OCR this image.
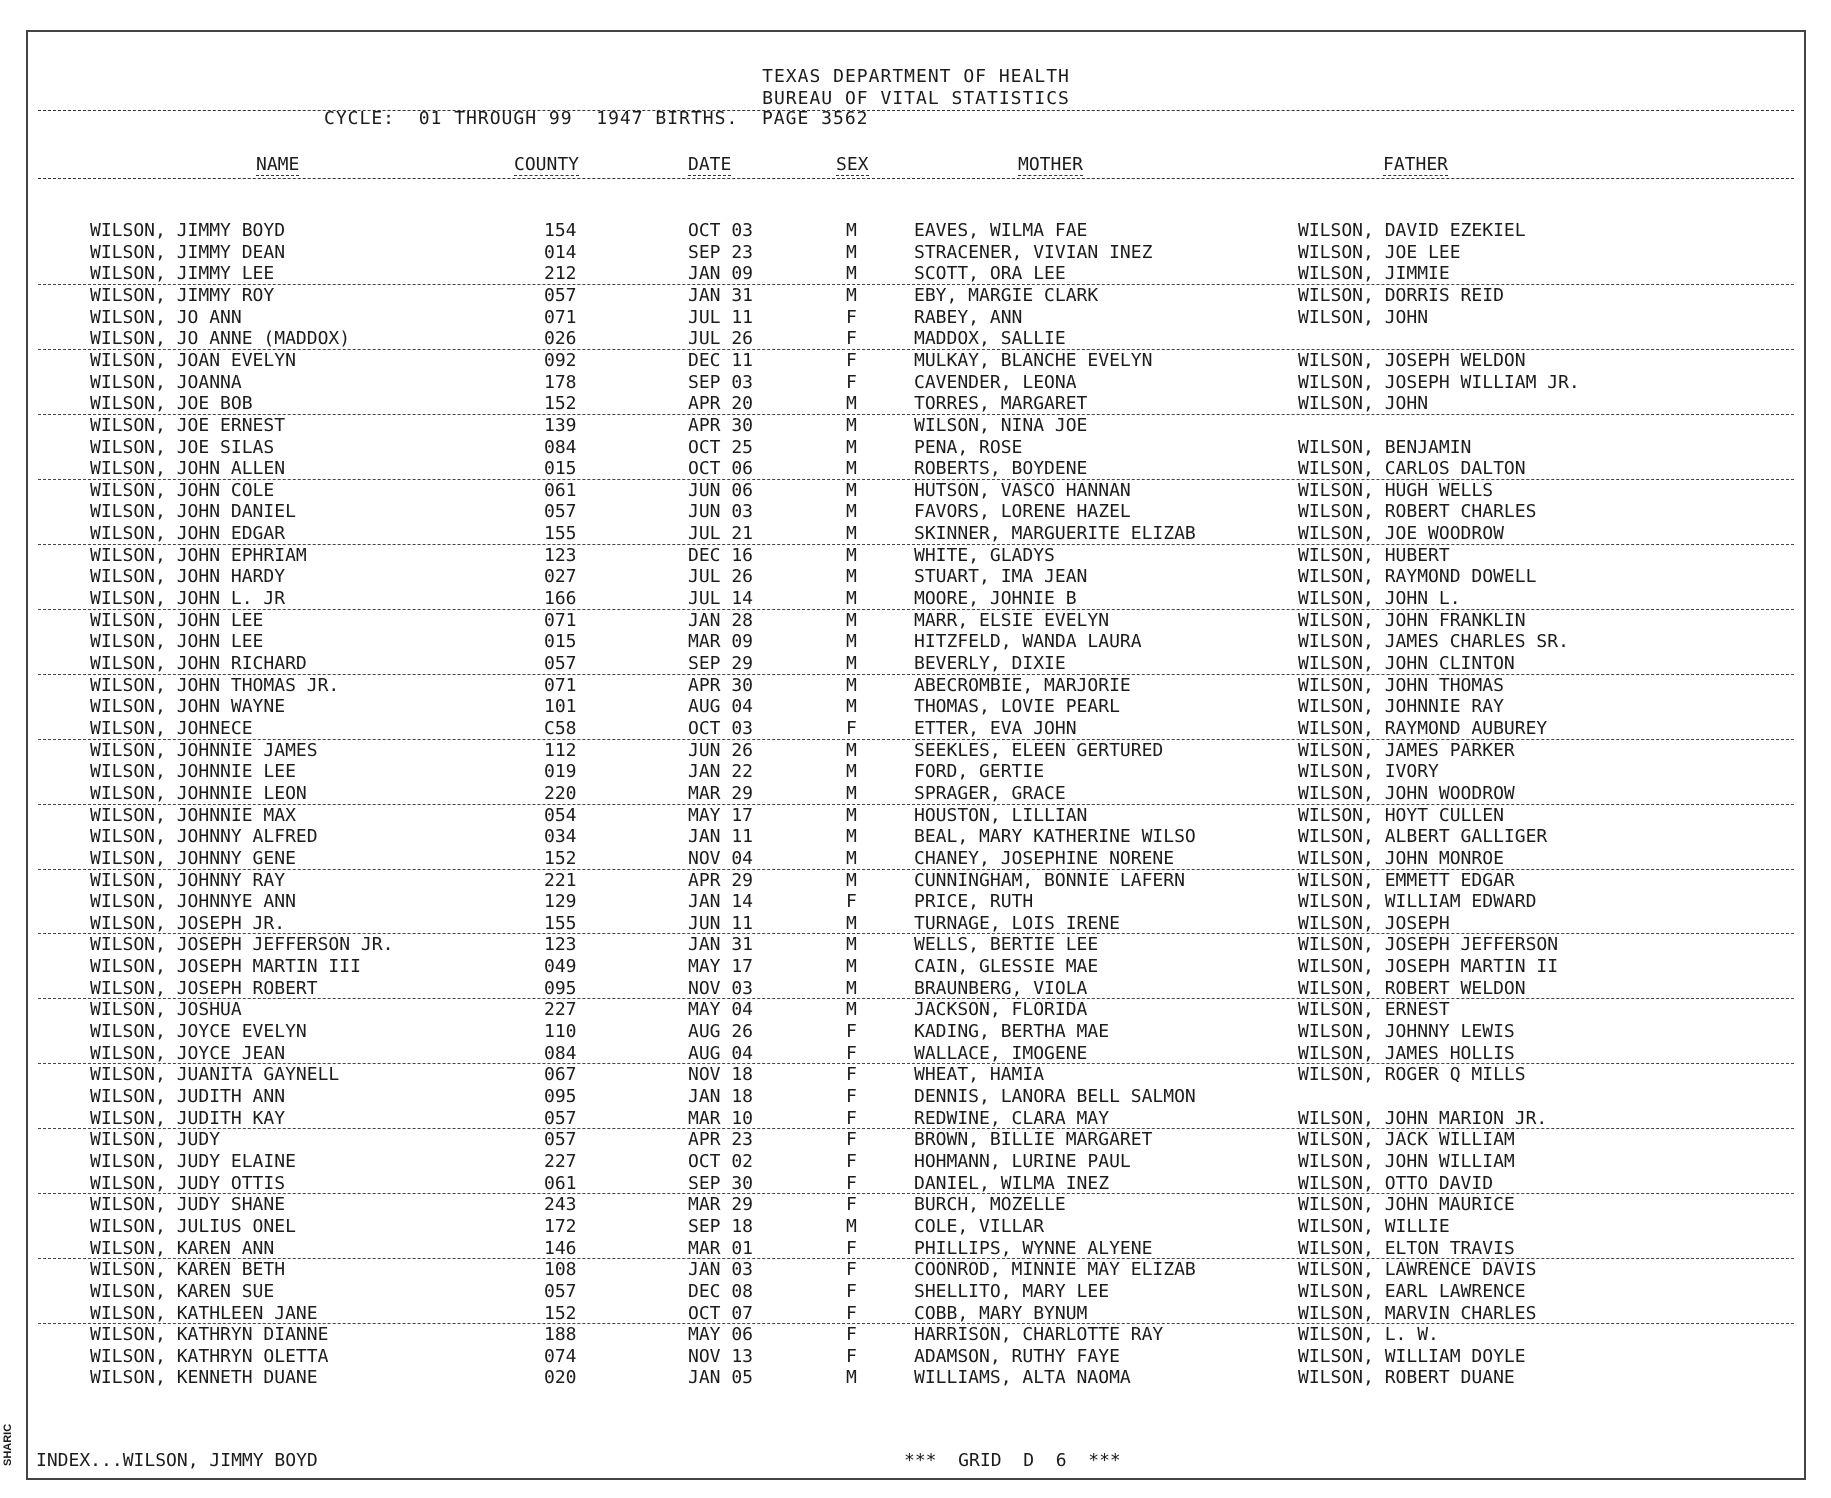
SHARIC
TEXAS DEPARTMENT OF HEALTH
BUREAU OF VITAL STATISTICS
CYCLE:  01 THROUGH 99  1947 BIRTHS.  PAGE 3562
NAME	COUNTY	DATE	SEX	MOTHER	FATHER
WILSON, JIMMY BOYD	154	OCT 03	M	EAVES, WILMA FAE	WILSON, DAVID EZEKIEL
WILSON, JIMMY DEAN	014	SEP 23	M	STRACENER, VIVIAN INEZ	WILSON, JOE LEE
WILSON, JIMMY LEE	212	JAN 09	M	SCOTT, ORA LEE	WILSON, JIMMIE
WILSON, JIMMY ROY	057	JAN 31	M	EBY, MARGIE CLARK	WILSON, DORRIS REID
WILSON, JO ANN	071	JUL 11	F	RABEY, ANN	WILSON, JOHN
WILSON, JO ANNE (MADDOX)	026	JUL 26	F	MADDOX, SALLIE
WILSON, JOAN EVELYN	092	DEC 11	F	MULKAY, BLANCHE EVELYN	WILSON, JOSEPH WELDON
WILSON, JOANNA	178	SEP 03	F	CAVENDER, LEONA	WILSON, JOSEPH WILLIAM JR.
WILSON, JOE BOB	152	APR 20	M	TORRES, MARGARET	WILSON, JOHN
WILSON, JOE ERNEST	139	APR 30	M	WILSON, NINA JOE
WILSON, JOE SILAS	084	OCT 25	M	PENA, ROSE	WILSON, BENJAMIN
WILSON, JOHN ALLEN	015	OCT 06	M	ROBERTS, BOYDENE	WILSON, CARLOS DALTON
WILSON, JOHN COLE	061	JUN 06	M	HUTSON, VASCO HANNAN	WILSON, HUGH WELLS
WILSON, JOHN DANIEL	057	JUN 03	M	FAVORS, LORENE HAZEL	WILSON, ROBERT CHARLES
WILSON, JOHN EDGAR	155	JUL 21	M	SKINNER, MARGUERITE ELIZAB	WILSON, JOE WOODROW
WILSON, JOHN EPHRIAM	123	DEC 16	M	WHITE, GLADYS	WILSON, HUBERT
WILSON, JOHN HARDY	027	JUL 26	M	STUART, IMA JEAN	WILSON, RAYMOND DOWELL
WILSON, JOHN L. JR	166	JUL 14	M	MOORE, JOHNIE B	WILSON, JOHN L.
WILSON, JOHN LEE	071	JAN 28	M	MARR, ELSIE EVELYN	WILSON, JOHN FRANKLIN
WILSON, JOHN LEE	015	MAR 09	M	HITZFELD, WANDA LAURA	WILSON, JAMES CHARLES SR.
WILSON, JOHN RICHARD	057	SEP 29	M	BEVERLY, DIXIE	WILSON, JOHN CLINTON
WILSON, JOHN THOMAS JR.	071	APR 30	M	ABECROMBIE, MARJORIE	WILSON, JOHN THOMAS
WILSON, JOHN WAYNE	101	AUG 04	M	THOMAS, LOVIE PEARL	WILSON, JOHNNIE RAY
WILSON, JOHNECE	C58	OCT 03	F	ETTER, EVA JOHN	WILSON, RAYMOND AUBUREY
WILSON, JOHNNIE JAMES	112	JUN 26	M	SEEKLES, ELEEN GERTURED	WILSON, JAMES PARKER
WILSON, JOHNNIE LEE	019	JAN 22	M	FORD, GERTIE	WILSON, IVORY
WILSON, JOHNNIE LEON	220	MAR 29	M	SPRAGER, GRACE	WILSON, JOHN WOODROW
WILSON, JOHNNIE MAX	054	MAY 17	M	HOUSTON, LILLIAN	WILSON, HOYT CULLEN
WILSON, JOHNNY ALFRED	034	JAN 11	M	BEAL, MARY KATHERINE WILSO	WILSON, ALBERT GALLIGER
WILSON, JOHNNY GENE	152	NOV 04	M	CHANEY, JOSEPHINE NORENE	WILSON, JOHN MONROE
WILSON, JOHNNY RAY	221	APR 29	M	CUNNINGHAM, BONNIE LAFERN	WILSON, EMMETT EDGAR
WILSON, JOHNNYE ANN	129	JAN 14	F	PRICE, RUTH	WILSON, WILLIAM EDWARD
WILSON, JOSEPH JR.	155	JUN 11	M	TURNAGE, LOIS IRENE	WILSON, JOSEPH
WILSON, JOSEPH JEFFERSON JR.	123	JAN 31	M	WELLS, BERTIE LEE	WILSON, JOSEPH JEFFERSON
WILSON, JOSEPH MARTIN III	049	MAY 17	M	CAIN, GLESSIE MAE	WILSON, JOSEPH MARTIN II
WILSON, JOSEPH ROBERT	095	NOV 03	M	BRAUNBERG, VIOLA	WILSON, ROBERT WELDON
WILSON, JOSHUA	227	MAY 04	M	JACKSON, FLORIDA	WILSON, ERNEST
WILSON, JOYCE EVELYN	110	AUG 26	F	KADING, BERTHA MAE	WILSON, JOHNNY LEWIS
WILSON, JOYCE JEAN	084	AUG 04	F	WALLACE, IMOGENE	WILSON, JAMES HOLLIS
WILSON, JUANITA GAYNELL	067	NOV 18	F	WHEAT, HAMIA	WILSON, ROGER Q MILLS
WILSON, JUDITH ANN	095	JAN 18	F	DENNIS, LANORA BELL SALMON
WILSON, JUDITH KAY	057	MAR 10	F	REDWINE, CLARA MAY	WILSON, JOHN MARION JR.
WILSON, JUDY	057	APR 23	F	BROWN, BILLIE MARGARET	WILSON, JACK WILLIAM
WILSON, JUDY ELAINE	227	OCT 02	F	HOHMANN, LURINE PAUL	WILSON, JOHN WILLIAM
WILSON, JUDY OTTIS	061	SEP 30	F	DANIEL, WILMA INEZ	WILSON, OTTO DAVID
WILSON, JUDY SHANE	243	MAR 29	F	BURCH, MOZELLE	WILSON, JOHN MAURICE
WILSON, JULIUS ONEL	172	SEP 18	M	COLE, VILLAR	WILSON, WILLIE
WILSON, KAREN ANN	146	MAR 01	F	PHILLIPS, WYNNE ALYENE	WILSON, ELTON TRAVIS
WILSON, KAREN BETH	108	JAN 03	F	COONROD, MINNIE MAY ELIZAB	WILSON, LAWRENCE DAVIS
WILSON, KAREN SUE	057	DEC 08	F	SHELLITO, MARY LEE	WILSON, EARL LAWRENCE
WILSON, KATHLEEN JANE	152	OCT 07	F	COBB, MARY BYNUM	WILSON, MARVIN CHARLES
WILSON, KATHRYN DIANNE	188	MAY 06	F	HARRISON, CHARLOTTE RAY	WILSON, L. W.
WILSON, KATHRYN OLETTA	074	NOV 13	F	ADAMSON, RUTHY FAYE	WILSON, WILLIAM DOYLE
WILSON, KENNETH DUANE	020	JAN 05	M	WILLIAMS, ALTA NAOMA	WILSON, ROBERT DUANE
INDEX...WILSON, JIMMY BOYD	***  GRID  D  6  ***
